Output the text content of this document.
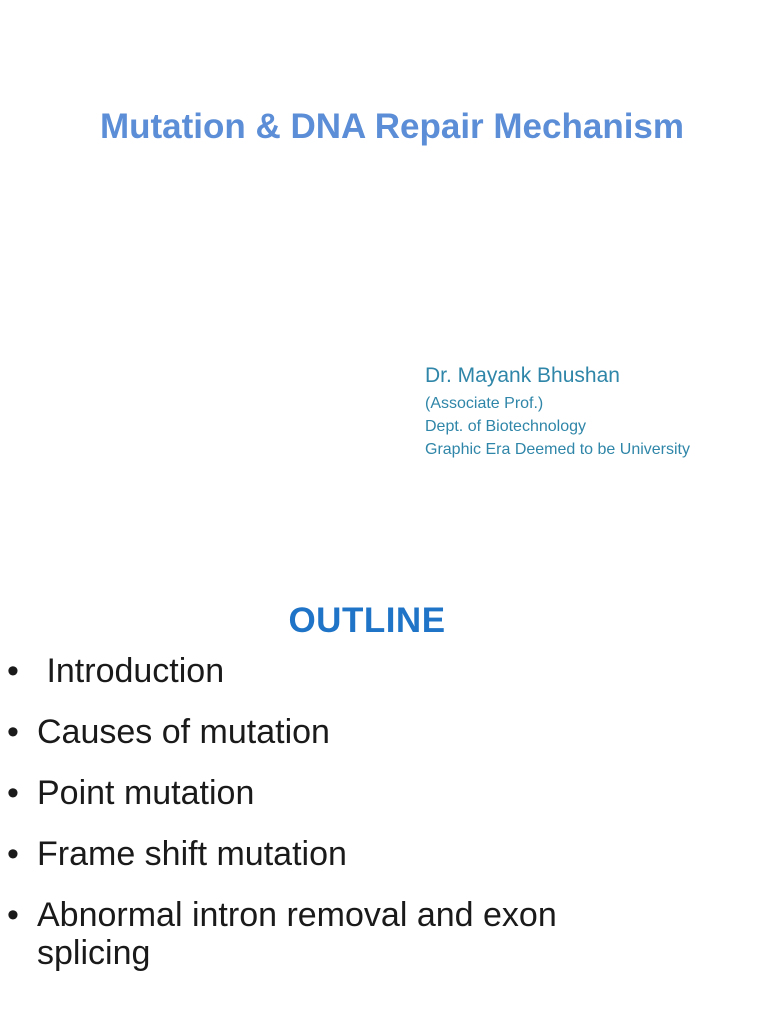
Mutation & DNA Repair Mechanism

Dr. Mayank Bhushan

(Associate Prof.)

Dept. of Biotechnology

Graphic Era Deemed to be University

OUTLINE
• Introduction
• Causes of mutation
• Point mutation
• Frame shift mutation
• Abnormal intron removal and exon splicing
